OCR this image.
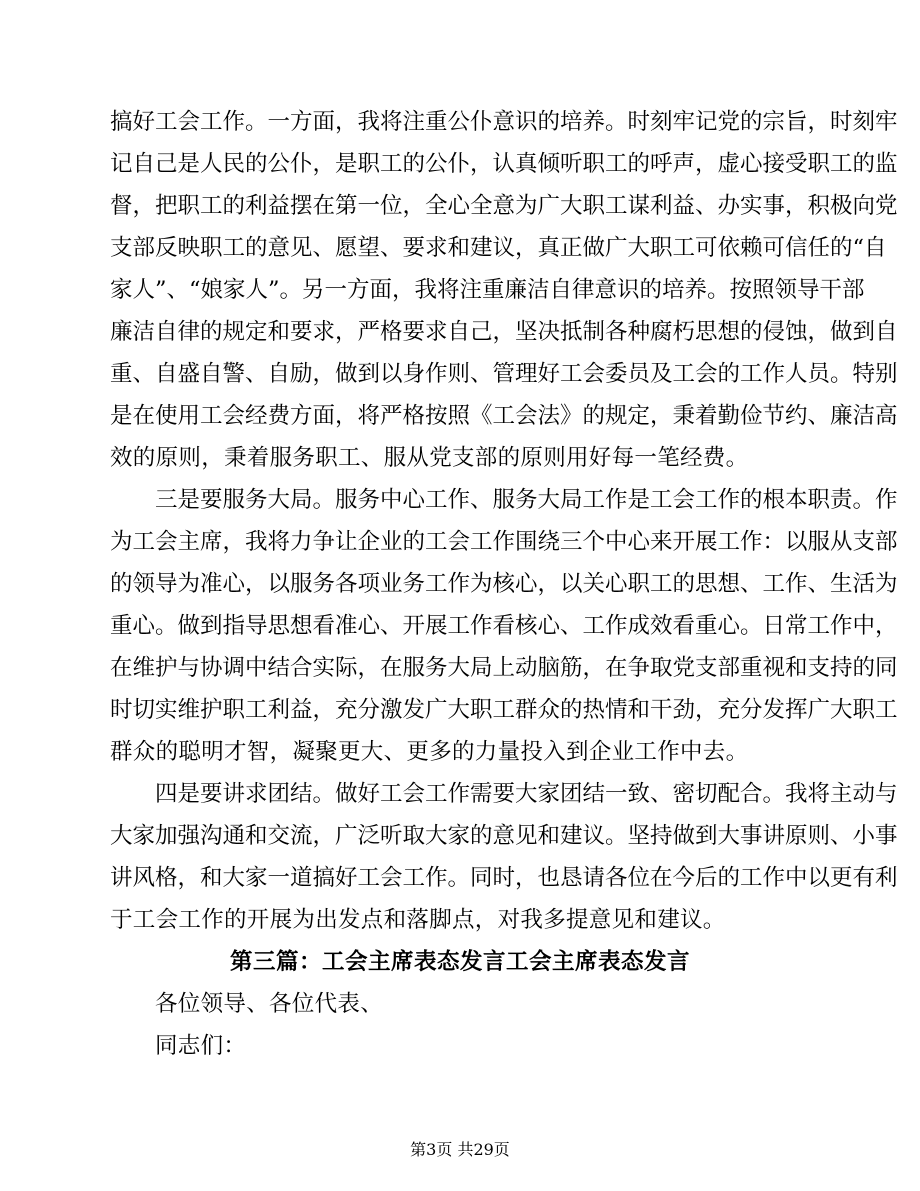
搞好工会工作。一方面，我将注重公仆意识的培养。时刻牢记党的宗旨，时刻牢
记自己是人民的公仆，是职工的公仆，认真倾听职工的呼声，虚心接受职工的监
督，把职工的利益摆在第一位，全心全意为广大职工谋利益、办实事，积极向党
支部反映职工的意见、愿望、要求和建议，真正做广大职工可依赖可信任的“自
家人”、“娘家人”。另一方面，我将注重廉洁自律意识的培养。按照领导干部
廉洁自律的规定和要求，严格要求自己，坚决抵制各种腐朽思想的侵蚀，做到自
重、自盛自警、自励，做到以身作则、管理好工会委员及工会的工作人员。特别
是在使用工会经费方面，将严格按照《工会法》的规定，秉着勤俭节约、廉洁高
效的原则，秉着服务职工、服从党支部的原则用好每一笔经费。
三是要服务大局。服务中心工作、服务大局工作是工会工作的根本职责。作
为工会主席，我将力争让企业的工会工作围绕三个中心来开展工作：以服从支部
的领导为准心，以服务各项业务工作为核心，以关心职工的思想、工作、生活为
重心。做到指导思想看准心、开展工作看核心、工作成效看重心。日常工作中，
在维护与协调中结合实际，在服务大局上动脑筋，在争取党支部重视和支持的同
时切实维护职工利益，充分激发广大职工群众的热情和干劲，充分发挥广大职工
群众的聪明才智，凝聚更大、更多的力量投入到企业工作中去。
四是要讲求团结。做好工会工作需要大家团结一致、密切配合。我将主动与
大家加强沟通和交流，广泛听取大家的意见和建议。坚持做到大事讲原则、小事
讲风格，和大家一道搞好工会工作。同时，也恳请各位在今后的工作中以更有利
于工会工作的开展为出发点和落脚点，对我多提意见和建议。
第三篇：工会主席表态发言工会主席表态发言
各位领导、各位代表、
同志们：
第3页 共29页
